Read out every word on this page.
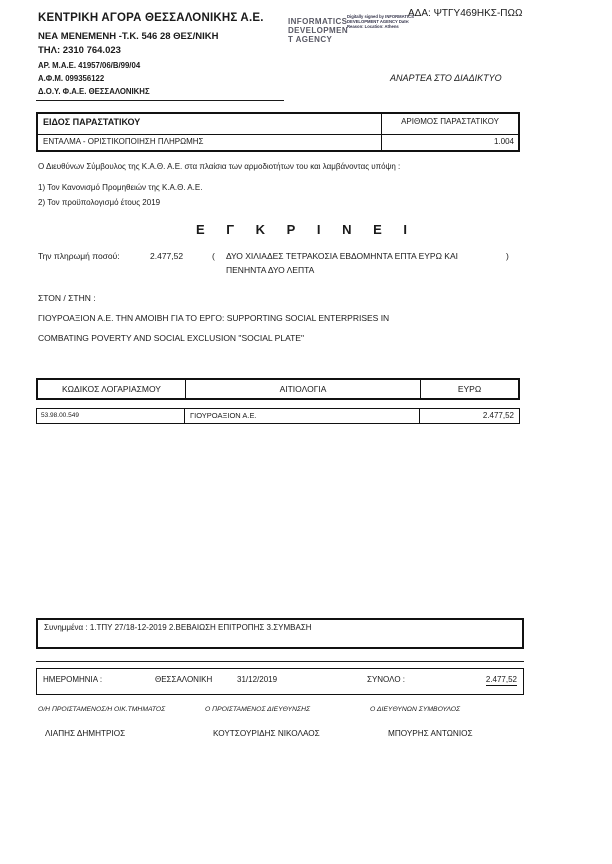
ΚΕΝΤΡΙΚΗ ΑΓΟΡΑ ΘΕΣΣΑΛΟΝΙΚΗΣ Α.Ε.
ΝΕΑ ΜΕΝΕΜΕΝΗ -Τ.Κ. 546 28 ΘΕΣ/ΝΙΚΗ
ΤΗΛ: 2310 764.023
ΑΡ. Μ.Α.Ε. 41957/06/Β/99/04
Α.Φ.Μ. 099356122
Δ.Ο.Υ. Φ.Α.Ε. ΘΕΣΣΑΛΟΝΙΚΗΣ
INFORMATICS
DEVELOPMEN
T AGENCY
Digitally signed by INFORMATICS DEVELOPMENT AGENCY Date: Reason: Location: Athens
ΑΔΑ: ΨΤΓΥ469ΗΚΣ-ΠΩΩ
ΑΝΑΡΤΕΑ ΣΤΟ ΔΙΑΔΙΚΤΥΟ
ΕΙΔΟΣ ΠΑΡΑΣΤΑΤΙΚΟΥ	ΑΡΙΘΜΟΣ ΠΑΡΑΣΤΑΤΙΚΟΥ
ΕΝΤΑΛΜΑ - ΟΡΙΣΤΙΚΟΠΟΙΗΣΗ ΠΛΗΡΩΜΗΣ	1.004
Ο Διευθύνων Σύμβουλος της Κ.Α.Θ. Α.Ε. στα πλαίσια των αρμοδιοτήτων του και λαμβάνοντας υπόψη :
1) Τον Κανονισμό Προμηθειών της Κ.Α.Θ. Α.Ε.
2) Τον προϋπολογισμό έτους 2019
Ε Γ Κ Ρ Ι Ν Ε Ι
Την πληρωμή ποσού:	2.477,52	( ΔΥΟ ΧΙΛΙΑΔΕΣ ΤΕΤΡΑΚΟΣΙΑ ΕΒΔΟΜΗΝΤΑ ΕΠΤΑ ΕΥΡΩ ΚΑΙ	)
ΠΕΝΗΝΤΑ ΔΥΟ ΛΕΠΤΑ
ΣΤΟΝ / ΣΤΗΝ :
ΓΙΟΥΡΟΑΞΙΟΝ Α.Ε. ΤΗΝ ΑΜΟΙΒΗ ΓΙΑ ΤΟ ΕΡΓΟ: SUPPORTING SOCIAL ENTERPRISES IN
COMBATING POVERTY AND SOCIAL EXCLUSION "SOCIAL PLATE"
ΚΩΔΙΚΟΣ ΛΟΓΑΡΙΑΣΜΟΥ	ΑΙΤΙΟΛΟΓΙΑ	ΕΥΡΩ
53.98.00.549	ΓΙΟΥΡΟΑΞΙΟΝ Α.Ε.	2.477,52
Συνημμένα : 1.ΤΠΥ 27/18-12-2019 2.ΒΕΒΑΙΩΣΗ ΕΠΙΤΡΟΠΗΣ 3.ΣΥΜΒΑΣΗ
ΗΜΕΡΟΜΗΝΙΑ :	ΘΕΣΣΑΛΟΝΙΚΗ	31/12/2019	ΣΥΝΟΛΟ :	2.477,52
Ο/Η ΠΡΟΙΣΤΑΜΕΝΟΣ/Η ΟΙΚ.ΤΜΗΜΑΤΟΣ	Ο ΠΡΟΙΣΤΑΜΕΝΟΣ ΔΙΕΥΘΥΝΣΗΣ	Ο ΔΙΕΥΘΥΝΩΝ ΣΥΜΒΟΥΛΟΣ
ΛΙΑΠΗΣ ΔΗΜΗΤΡΙΟΣ	ΚΟΥΤΣΟΥΡΙΔΗΣ ΝΙΚΟΛΑΟΣ	ΜΠΟΥΡΗΣ ΑΝΤΩΝΙΟΣ
